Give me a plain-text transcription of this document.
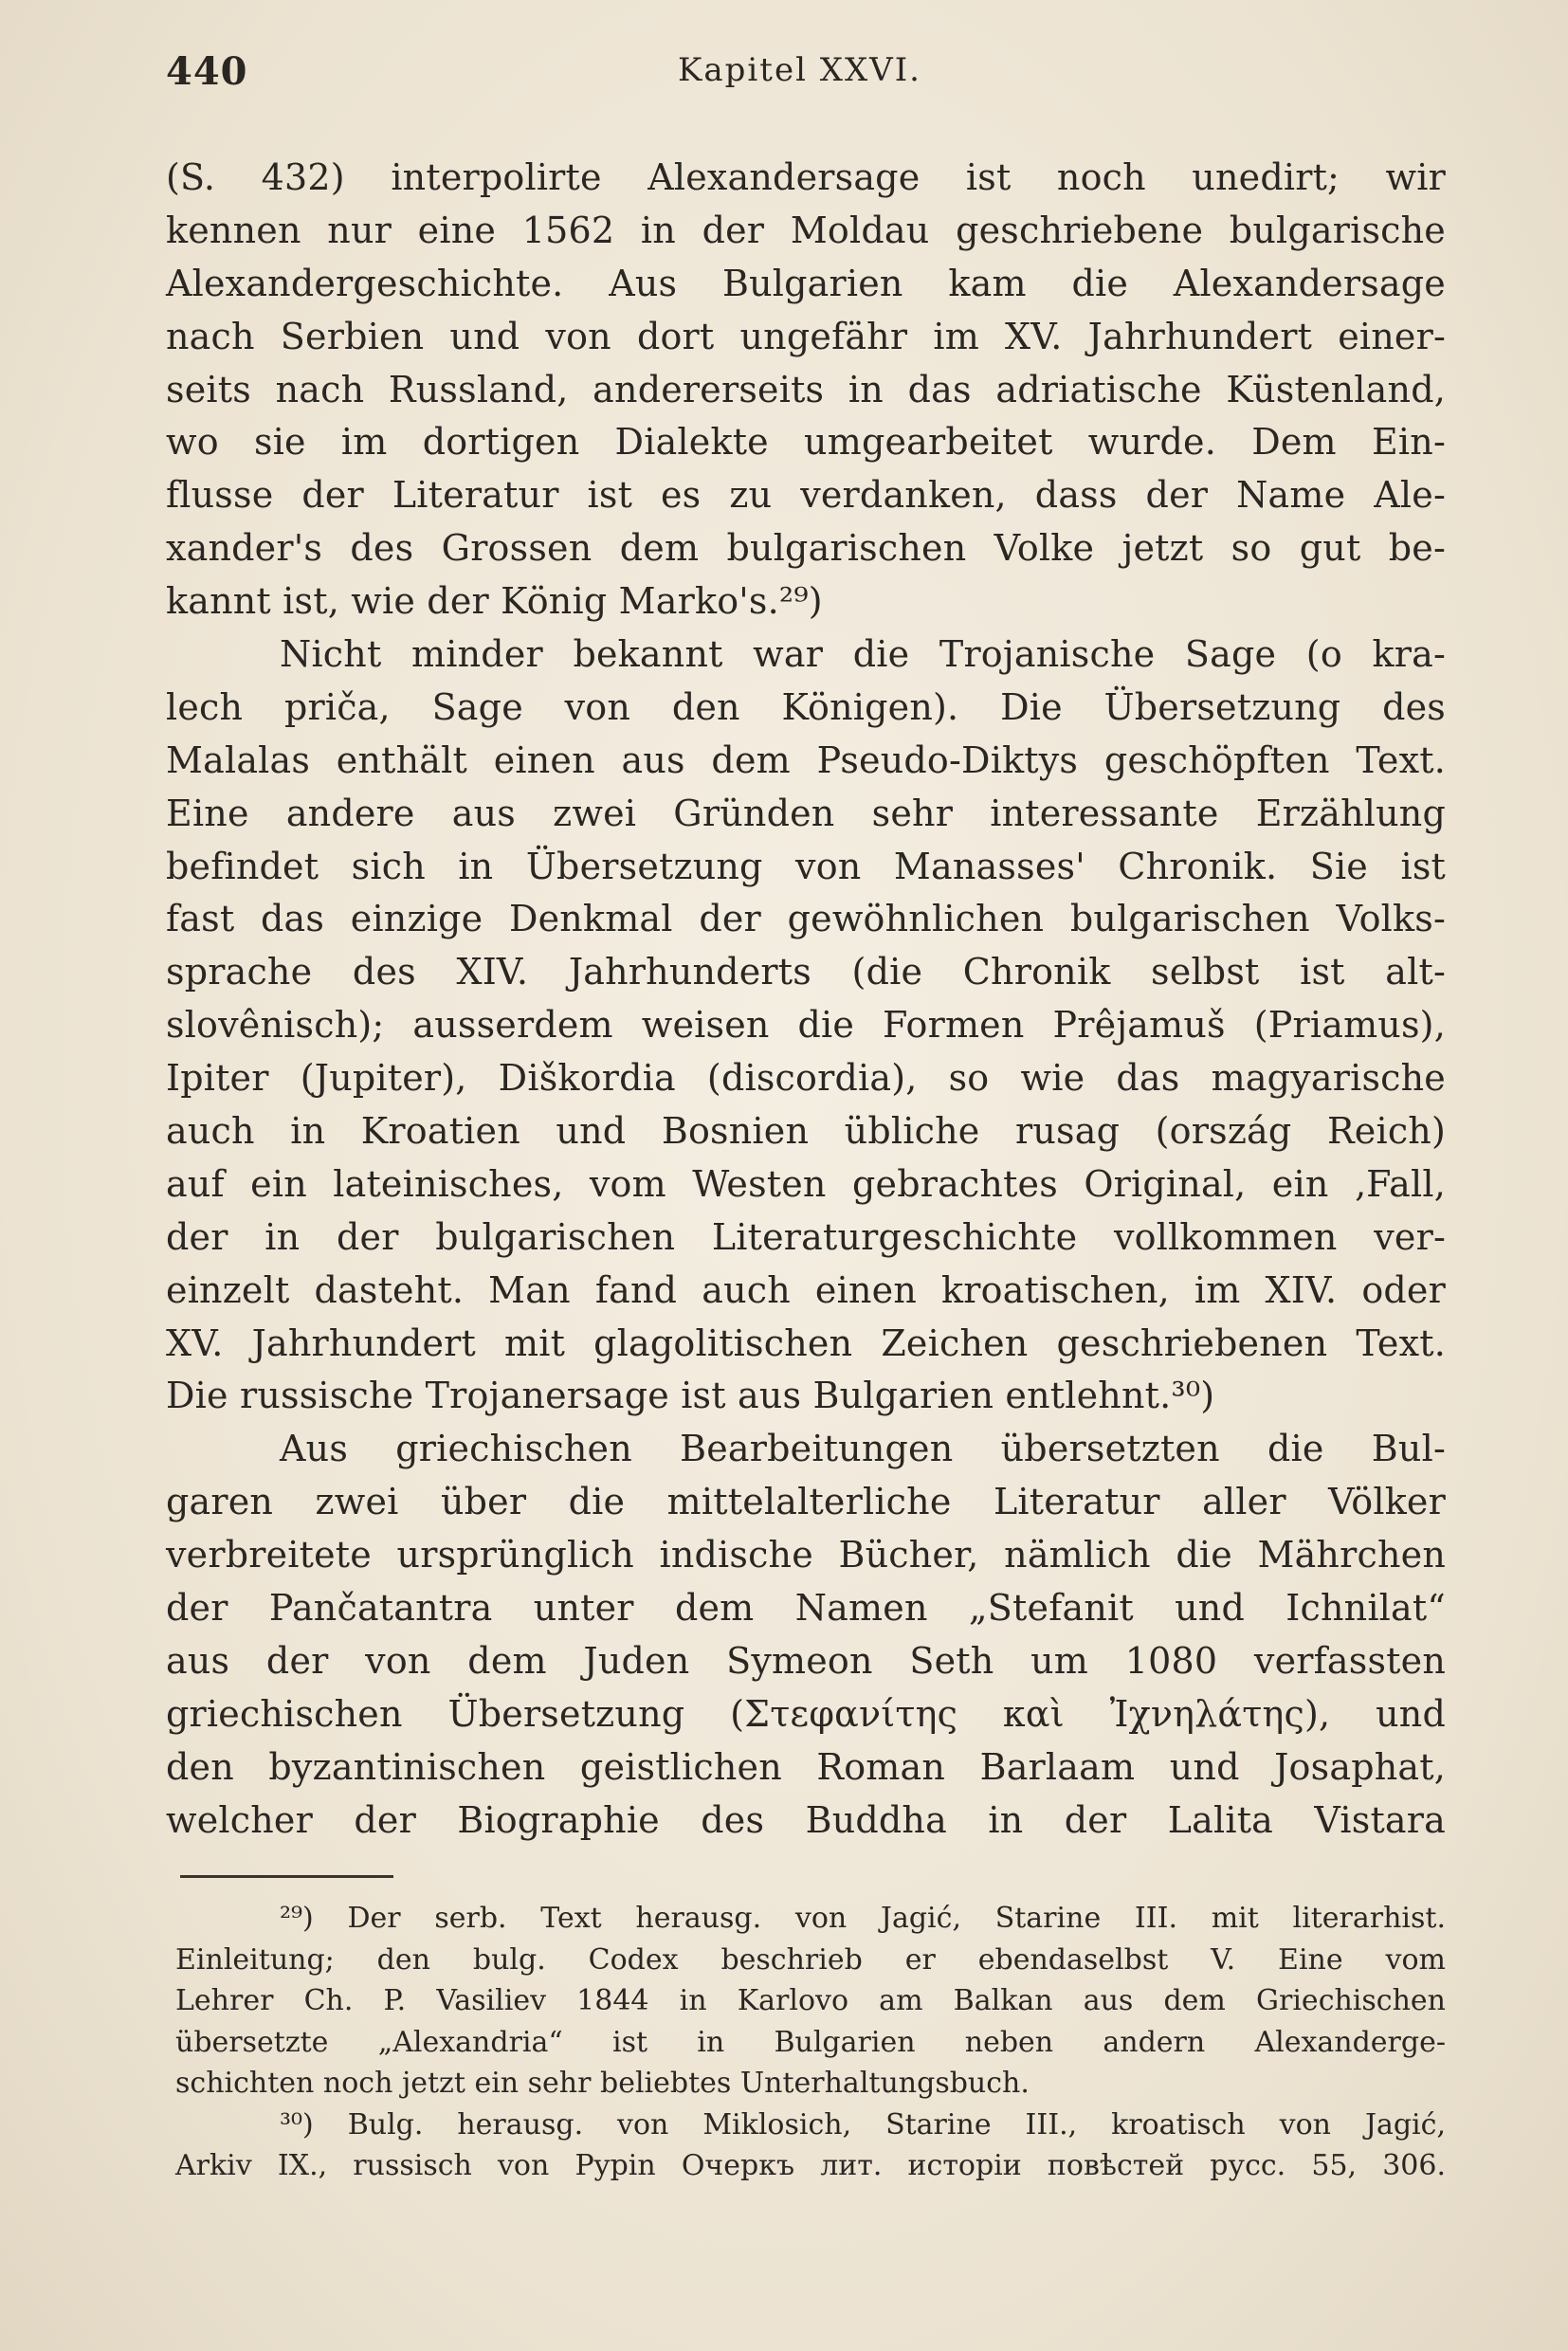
440	Kapitel XXVI.
(S. 432) interpolirte Alexandersage ist noch unedirt; wir
kennen nur eine 1562 in der Moldau geschriebene bulgarische
Alexandergeschichte. Aus Bulgarien kam die Alexandersage
nach Serbien und von dort ungefähr im XV. Jahrhundert einer-
seits nach Russland, andererseits in das adriatische Küstenland,
wo sie im dortigen Dialekte umgearbeitet wurde. Dem Ein-
flusse der Literatur ist es zu verdanken, dass der Name Ale-
xander's des Grossen dem bulgarischen Volke jetzt so gut be-
kannt ist, wie der König Marko's.²⁹)
Nicht minder bekannt war die Trojanische Sage (o kra-
lech priča, Sage von den Königen). Die Übersetzung des
Malalas enthält einen aus dem Pseudo-Diktys geschöpften Text.
Eine andere aus zwei Gründen sehr interessante Erzählung
befindet sich in Übersetzung von Manasses' Chronik. Sie ist
fast das einzige Denkmal der gewöhnlichen bulgarischen Volks-
sprache des XIV. Jahrhunderts (die Chronik selbst ist alt-
slovênisch); ausserdem weisen die Formen Prêjamuš (Priamus),
Ipiter (Jupiter), Diškordia (discordia), so wie das magyarische
auch in Kroatien und Bosnien übliche rusag (ország Reich)
auf ein lateinisches, vom Westen gebrachtes Original, ein ‚Fall,
der in der bulgarischen Literaturgeschichte vollkommen ver-
einzelt dasteht. Man fand auch einen kroatischen, im XIV. oder
XV. Jahrhundert mit glagolitischen Zeichen geschriebenen Text.
Die russische Trojanersage ist aus Bulgarien entlehnt.³⁰)
Aus griechischen Bearbeitungen übersetzten die Bul-
garen zwei über die mittelalterliche Literatur aller Völker
verbreitete ursprünglich indische Bücher, nämlich die Mährchen
der Pančatantra unter dem Namen „Stefanit und Ichnilat“
aus der von dem Juden Symeon Seth um 1080 verfassten
griechischen Übersetzung (Στεφανίτης καὶ Ἰχνηλάτης), und
den byzantinischen geistlichen Roman Barlaam und Josaphat,
welcher der Biographie des Buddha in der Lalita Vistara
²⁹) Der serb. Text herausg. von Jagić, Starine III. mit literarhist.
Einleitung; den bulg. Codex beschrieb er ebendaselbst V. Eine vom
Lehrer Ch. P. Vasiliev 1844 in Karlovo am Balkan aus dem Griechischen
übersetzte „Alexandria“ ist in Bulgarien neben andern Alexanderge-
schichten noch jetzt ein sehr beliebtes Unterhaltungsbuch.
³⁰) Bulg. herausg. von Miklosich, Starine III., kroatisch von Jagić,
Arkiv IX., russisch von Pypin Очеркъ лит. исторіи повѣстей русс. 55, 306.
